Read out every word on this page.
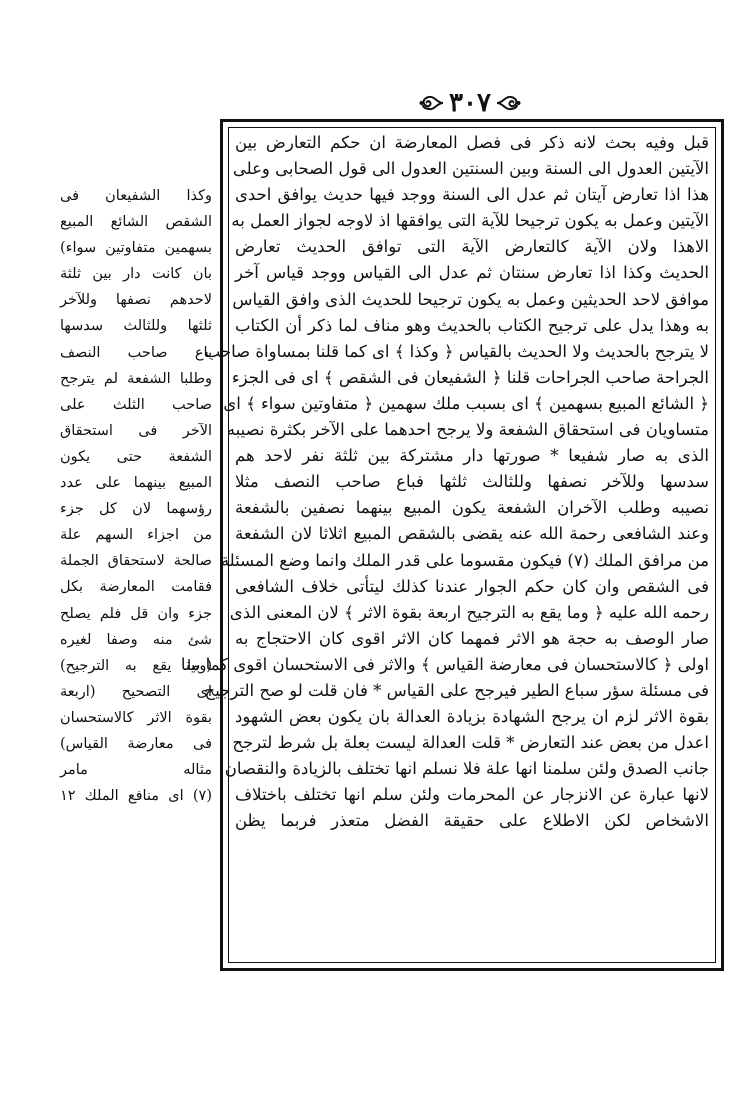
٣٠٧
قبل وفيه بحث لانه ذكر فى فصل المعارضة ان حكم التعارض بين
الآيتين العدول الى السنة وبين السنتين العدول الى قول الصحابى وعلى
هذا اذا تعارض آيتان ثم عدل الى السنة ووجد فيها حديث يوافق احدى
الآيتين وعمل به يكون ترجيحا للآية التى يوافقها اذ لاوجه لجواز العمل به
الاهذا ولان الآية كالتعارض الآية التى توافق الحديث تعارض
الحديث وكذا اذا تعارض سنتان ثم عدل الى القياس ووجد قياس آخر
موافق لاحد الحديثين وعمل به يكون ترجيحا للحديث الذى وافق القياس
به وهذا يدل على ترجيح الكتاب بالحديث وهو مناف لما ذكر أن الكتاب
لا يترجح بالحديث ولا الحديث بالقياس ﴿ وكذا ﴾ اى كما قلنا بمساواة صاحب
الجراحة صاحب الجراحات قلنا ﴿ الشفيعان فى الشقص ﴾ اى فى الجزء
﴿ الشائع المبيع بسهمين ﴾ اى بسبب ملك سهمين ﴿ متفاوتين سواء ﴾ اى
متساويان فى استحقاق الشفعة ولا يرجح احدهما على الآخر بكثرة نصيبه
الذى به صار شفيعا * صورتها دار مشتركة بين ثلثة نفر لاحد هم
سدسها وللآخر نصفها وللثالث ثلثها فباع صاحب النصف مثلا
نصيبه وطلب الآخران الشفعة يكون المبيع بينهما نصفين بالشفعة
وعند الشافعى رحمة الله عنه يقضى بالشقص المبيع اثلاثا لان الشفعة
من مرافق الملك (٧) فيكون مقسوما على قدر الملك وانما وضع المسئلة
فى الشقص وان كان حكم الجوار عندنا كذلك ليتأتى خلاف الشافعى
رحمه الله عليه ﴿ وما يقع به الترجيح اربعة بقوة الاثر ﴾ لان المعنى الذى
صار الوصف به حجة هو الاثر فمهما كان الاثر اقوى كان الاحتجاج به
اولى ﴿ كالاستحسان فى معارضة القياس ﴾ والاثر فى الاستحسان اقوى كما بينا
فى مسئلة سؤر سباع الطير فيرجح على القياس * فان قلت لو صح الترجيح
بقوة الاثر لزم ان يرجح الشهادة بزيادة العدالة بان يكون بعض الشهود
اعدل من بعض عند التعارض * قلت العدالة ليست بعلة بل شرط لترجح
جانب الصدق ولئن سلمنا انها علة فلا نسلم انها تختلف بالزيادة والنقصان
لانها عبارة عن الانزجار عن المحرمات ولئن سلم انها تختلف باختلاف
الاشخاص لكن الاطلاع على حقيقة الفضل متعذر فربما يظن
وكذا الشفيعان فى
الشقص الشائع المبيع
بسهمين متفاوتين سواء)
بان كانت دار بين ثلثة
لاحدهم نصفها وللآخر
ثلثها وللثالث سدسها
باع صاحب النصف
وطلبا الشفعة لم يترجح
صاحب الثلث على
الآخر فى استحقاق
الشفعة حتى يكون
المبيع بينهما على عدد
رؤسهما لان كل جزء
من اجزاء السهم علة
صالحة لاستحقاق الجملة
فقامت المعارضة بكل
جزء وان قل فلم يصلح
شئ منه وصفا لغيره
(وما يقع به الترجيح)
اى التصحيح (اربعة
بقوة الاثر كالاستحسان
فى معارضة القياس)
مثاله مامر
(٧) اى منافع الملك ١٢
